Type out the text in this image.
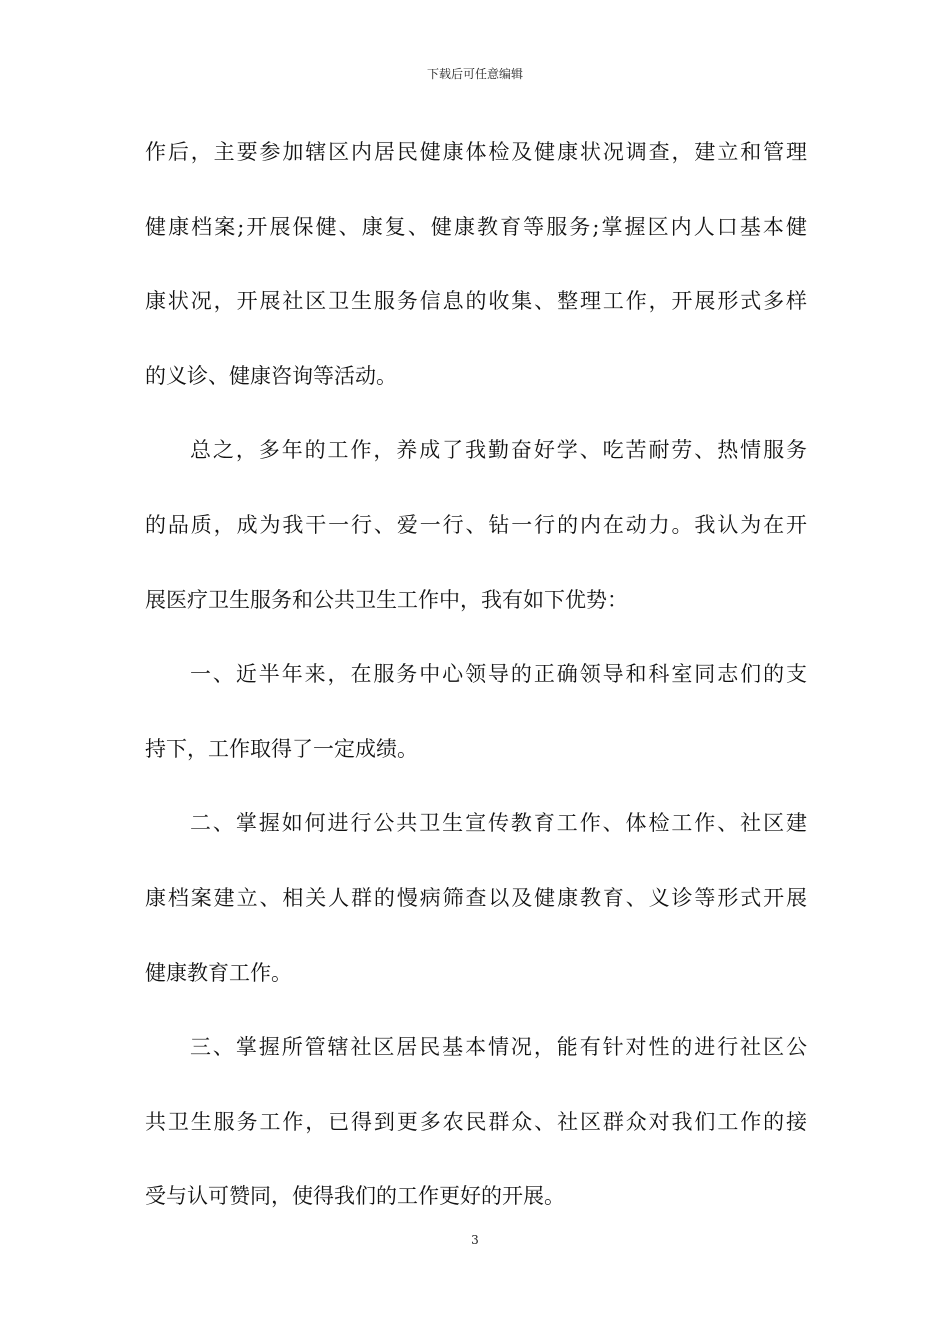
下载后可任意编辑
作后，主要参加辖区内居民健康体检及健康状况调查，建立和管理
健康档案;开展保健、康复、健康教育等服务;掌握区内人口基本健
康状况，开展社区卫生服务信息的收集、整理工作，开展形式多样
的义诊、健康咨询等活动。
总之，多年的工作，养成了我勤奋好学、吃苦耐劳、热情服务
的品质，成为我干一行、爱一行、钻一行的内在动力。我认为在开
展医疗卫生服务和公共卫生工作中，我有如下优势：
一、近半年来，在服务中心领导的正确领导和科室同志们的支
持下，工作取得了一定成绩。
二、掌握如何进行公共卫生宣传教育工作、体检工作、社区建
康档案建立、相关人群的慢病筛查以及健康教育、义诊等形式开展
健康教育工作。
三、掌握所管辖社区居民基本情况，能有针对性的进行社区公
共卫生服务工作，已得到更多农民群众、社区群众对我们工作的接
受与认可赞同，使得我们的工作更好的开展。
3
